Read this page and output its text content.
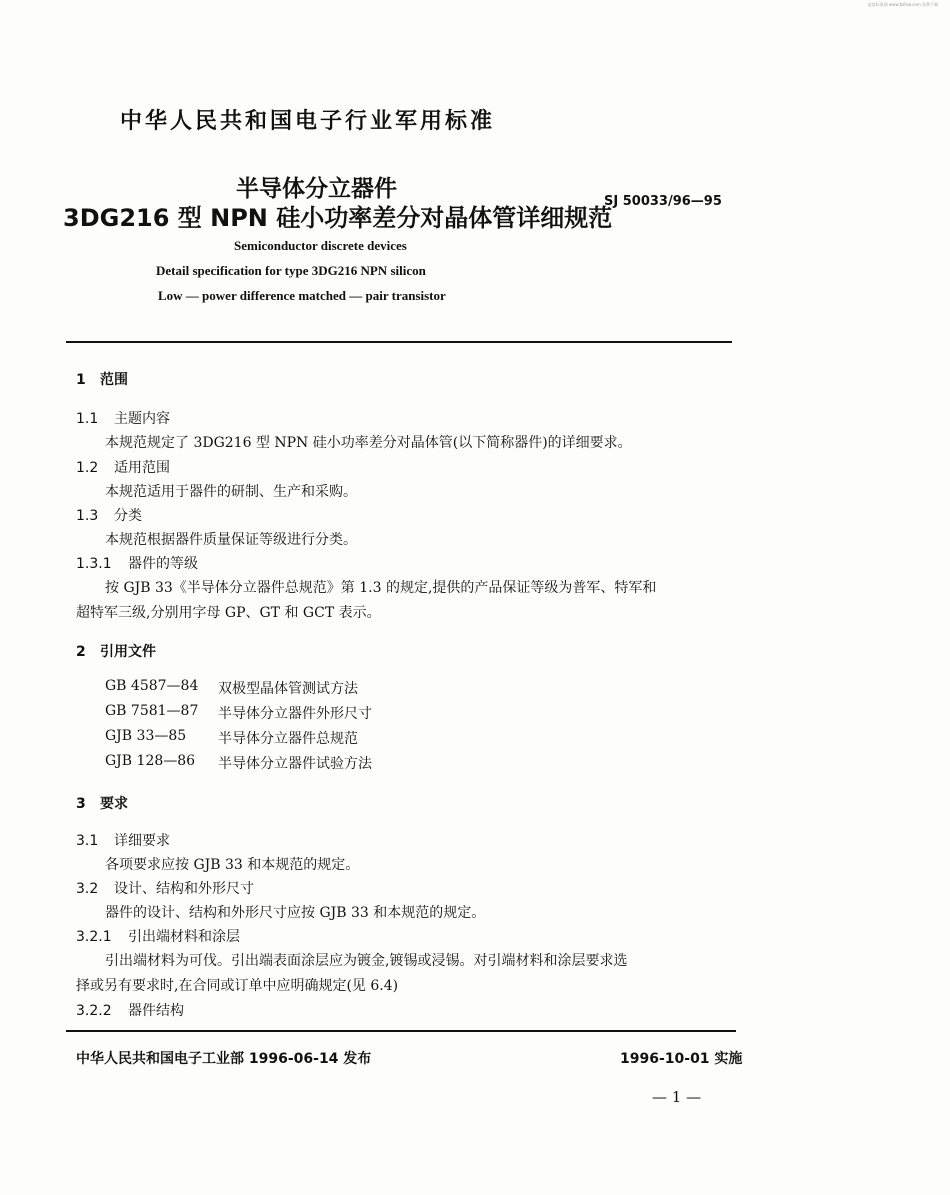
某某标准网 www.bzfxw.com 免费下载
中华人民共和国电子行业军用标准
半导体分立器件
3DG216 型 NPN 硅小功率差分对晶体管详细规范
SJ 50033/96—95
Semiconductor discrete devices
Detail specification for type 3DG216 NPN silicon
Low — power difference matched — pair transistor
1 范围
1.1 主题内容
本规范规定了 3DG216 型 NPN 硅小功率差分对晶体管(以下简称器件)的详细要求。
1.2 适用范围
本规范适用于器件的研制、生产和采购。
1.3 分类
本规范根据器件质量保证等级进行分类。
1.3.1 器件的等级
按 GJB 33《半导体分立器件总规范》第 1.3 的规定,提供的产品保证等级为普军、特军和
超特军三级,分别用字母 GP、GT 和 GCT 表示。
2 引用文件
GB 4587—84 双极型晶体管测试方法
GB 7581—87 半导体分立器件外形尺寸
GJB 33—85 半导体分立器件总规范
GJB 128—86 半导体分立器件试验方法
3 要求
3.1 详细要求
各项要求应按 GJB 33 和本规范的规定。
3.2 设计、结构和外形尺寸
器件的设计、结构和外形尺寸应按 GJB 33 和本规范的规定。
3.2.1 引出端材料和涂层
引出端材料为可伐。引出端表面涂层应为镀金,镀锡或浸锡。对引端材料和涂层要求选
择或另有要求时,在合同或订单中应明确规定(见 6.4)
3.2.2 器件结构
中华人民共和国电子工业部 1996-06-14 发布	1996-10-01 实施
— 1 —
